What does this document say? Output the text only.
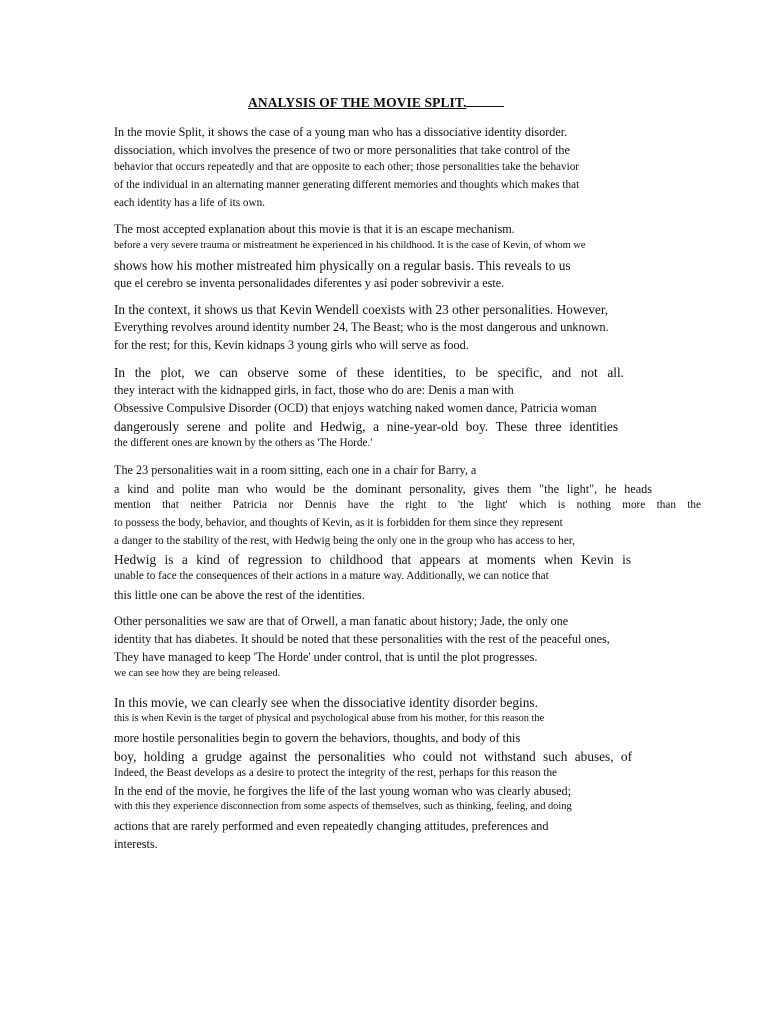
ANALYSIS OF THE MOVIE SPLIT.
In the movie Split, it shows the case of a young man who has a dissociative identity disorder.
dissociation, which involves the presence of two or more personalities that take control of the
behavior that occurs repeatedly and that are opposite to each other; those personalities take the behavior
of the individual in an alternating manner generating different memories and thoughts which makes that
each identity has a life of its own.
The most accepted explanation about this movie is that it is an escape mechanism.
before a very severe trauma or mistreatment he experienced in his childhood. It is the case of Kevin, of whom we
shows how his mother mistreated him physically on a regular basis. This reveals to us
que el cerebro se inventa personalidades diferentes y así poder sobrevivir a este.
In the context, it shows us that Kevin Wendell coexists with 23 other personalities. However,
Everything revolves around identity number 24, The Beast; who is the most dangerous and unknown.
for the rest; for this, Kevin kidnaps 3 young girls who will serve as food.
In the plot, we can observe some of these identities, to be specific, and not all.
they interact with the kidnapped girls, in fact, those who do are: Denis a man with
Obsessive Compulsive Disorder (OCD) that enjoys watching naked women dance, Patricia woman
dangerously serene and polite and Hedwig, a nine-year-old boy. These three identities
the different ones are known by the others as 'The Horde.'
The 23 personalities wait in a room sitting, each one in a chair for Barry, a
a kind and polite man who would be the dominant personality, gives them "the light", he heads
mention that neither Patricia nor Dennis have the right to 'the light' which is nothing more than the
to possess the body, behavior, and thoughts of Kevin, as it is forbidden for them since they represent
a danger to the stability of the rest, with Hedwig being the only one in the group who has access to her,
Hedwig is a kind of regression to childhood that appears at moments when Kevin is
unable to face the consequences of their actions in a mature way. Additionally, we can notice that
this little one can be above the rest of the identities.
Other personalities we saw are that of Orwell, a man fanatic about history; Jade, the only one
identity that has diabetes. It should be noted that these personalities with the rest of the peaceful ones,
They have managed to keep 'The Horde' under control, that is until the plot progresses.
we can see how they are being released.
In this movie, we can clearly see when the dissociative identity disorder begins.
this is when Kevin is the target of physical and psychological abuse from his mother, for this reason the
more hostile personalities begin to govern the behaviors, thoughts, and body of this
boy, holding a grudge against the personalities who could not withstand such abuses, of
Indeed, the Beast develops as a desire to protect the integrity of the rest, perhaps for this reason the
In the end of the movie, he forgives the life of the last young woman who was clearly abused;
with this they experience disconnection from some aspects of themselves, such as thinking, feeling, and doing
actions that are rarely performed and even repeatedly changing attitudes, preferences and
interests.
